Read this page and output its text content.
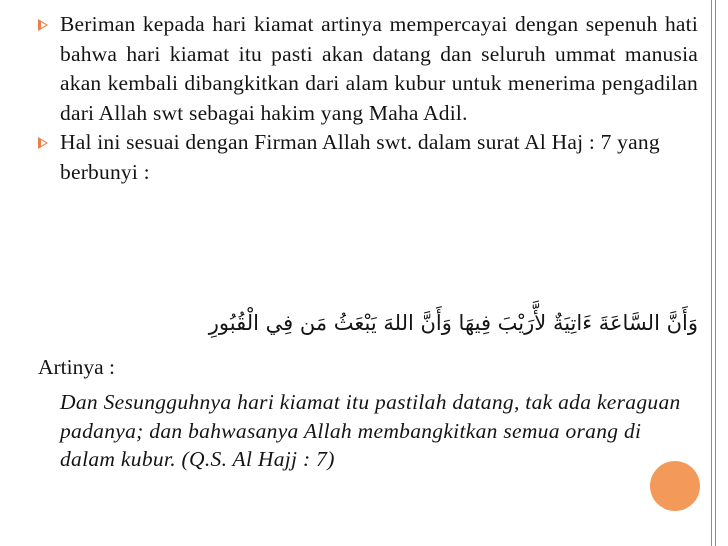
Beriman kepada hari kiamat artinya mempercayai dengan sepenuh hati bahwa hari kiamat itu pasti akan datang dan seluruh ummat manusia akan kembali dibangkitkan dari alam kubur untuk menerima pengadilan dari Allah swt sebagai hakim yang Maha Adil.
Hal ini sesuai dengan Firman Allah swt. dalam surat Al Haj : 7 yang berbunyi :
وَأَنَّ السَّاعَةَ ءَاتِيَةٌ لأَّرَيْبَ فِيهَا وَأَنَّ اللهَ يَبْعَثُ مَن فِي الْقُبُورِ
Artinya :
Dan Sesungguhnya hari kiamat itu pastilah datang, tak ada keraguan padanya; dan bahwasanya Allah membangkitkan semua orang di dalam kubur. (Q.S. Al Hajj : 7)
